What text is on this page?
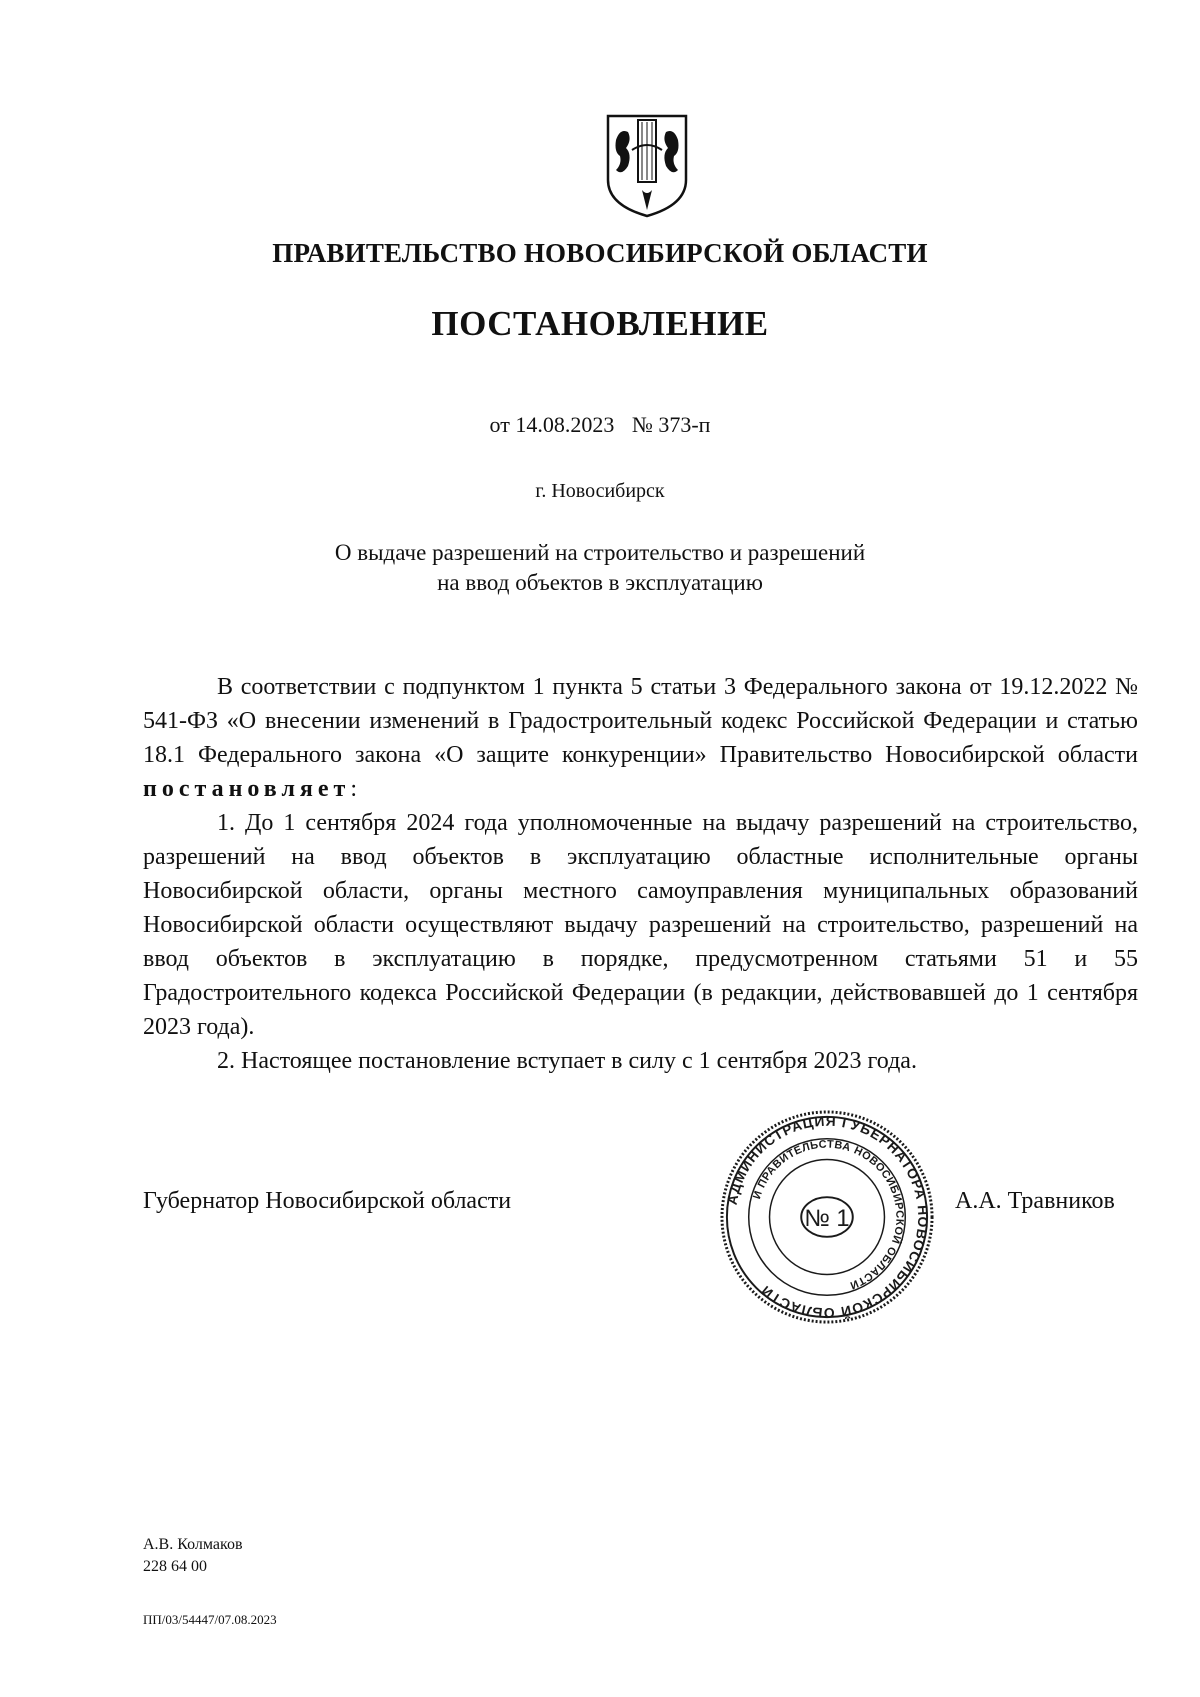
ПРАВИТЕЛЬСТВО НОВОСИБИРСКОЙ ОБЛАСТИ
ПОСТАНОВЛЕНИЕ
от 14.08.2023 № 373-п
г. Новосибирск
О выдаче разрешений на строительство и разрешений
на ввод объектов в эксплуатацию

В соответствии с подпунктом 1 пункта 5 статьи 3 Федерального закона от 19.12.2022 № 541-ФЗ «О внесении изменений в Градостроительный кодекс Российской Федерации и статью 18.1 Федерального закона «О защите конкуренции» Правительство Новосибирской области постановляет:

1. До 1 сентября 2024 года уполномоченные на выдачу разрешений на строительство, разрешений на ввод объектов в эксплуатацию областные исполнительные органы Новосибирской области, органы местного самоуправления муниципальных образований Новосибирской области осуществляют выдачу разрешений на строительство, разрешений на ввод объектов в эксплуатацию в порядке, предусмотренном статьями 51 и 55 Градостроительного кодекса Российской Федерации (в редакции, действовавшей до 1 сентября 2023 года).

2. Настоящее постановление вступает в силу с 1 сентября 2023 года.

Губернатор Новосибирской области	АДМИНИСТРАЦИЯ ГУБЕРНАТОРА НОВОСИБИРСКОЙ ОБЛАСТИ
И ПРАВИТЕЛЬСТВА НОВОСИБИРСКОЙ ОБЛАСТИ
№ 1
А.А. Травников
А.В. Колмаков
228 64 00
ПП/03/54447/07.08.2023
